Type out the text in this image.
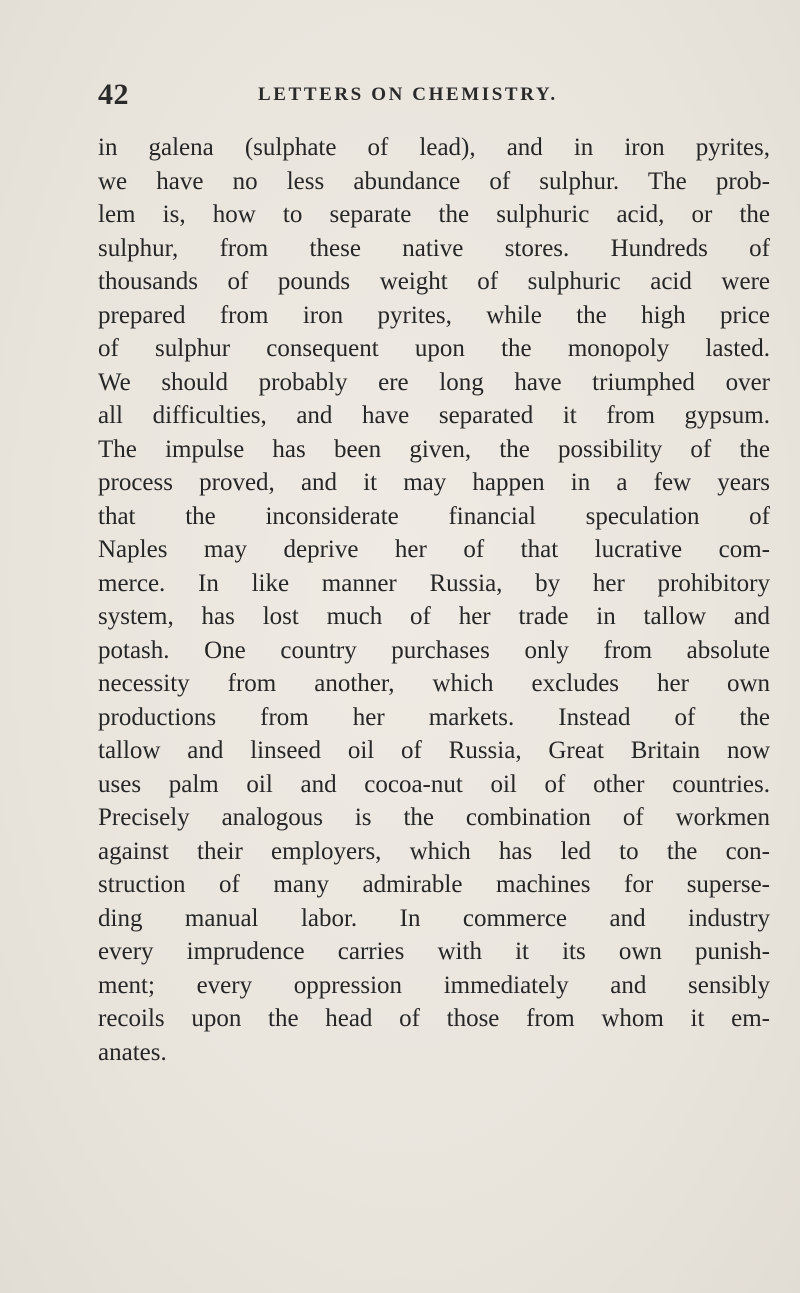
42	LETTERS ON CHEMISTRY.

in galena (sulphate of lead), and in iron pyrites,
we have no less abundance of sulphur. The prob-
lem is, how to separate the sulphuric acid, or the
sulphur, from these native stores. Hundreds of
thousands of pounds weight of sulphuric acid were
prepared from iron pyrites, while the high price
of sulphur consequent upon the monopoly lasted.
We should probably ere long have triumphed over
all difficulties, and have separated it from gypsum.
The impulse has been given, the possibility of the
process proved, and it may happen in a few years
that the inconsiderate financial speculation of
Naples may deprive her of that lucrative com-
merce. In like manner Russia, by her prohibitory
system, has lost much of her trade in tallow and
potash. One country purchases only from absolute
necessity from another, which excludes her own
productions from her markets. Instead of the
tallow and linseed oil of Russia, Great Britain now
uses palm oil and cocoa-nut oil of other countries.
Precisely analogous is the combination of workmen
against their employers, which has led to the con-
struction of many admirable machines for superse-
ding manual labor. In commerce and industry
every imprudence carries with it its own punish-
ment; every oppression immediately and sensibly
recoils upon the head of those from whom it em-
anates.
